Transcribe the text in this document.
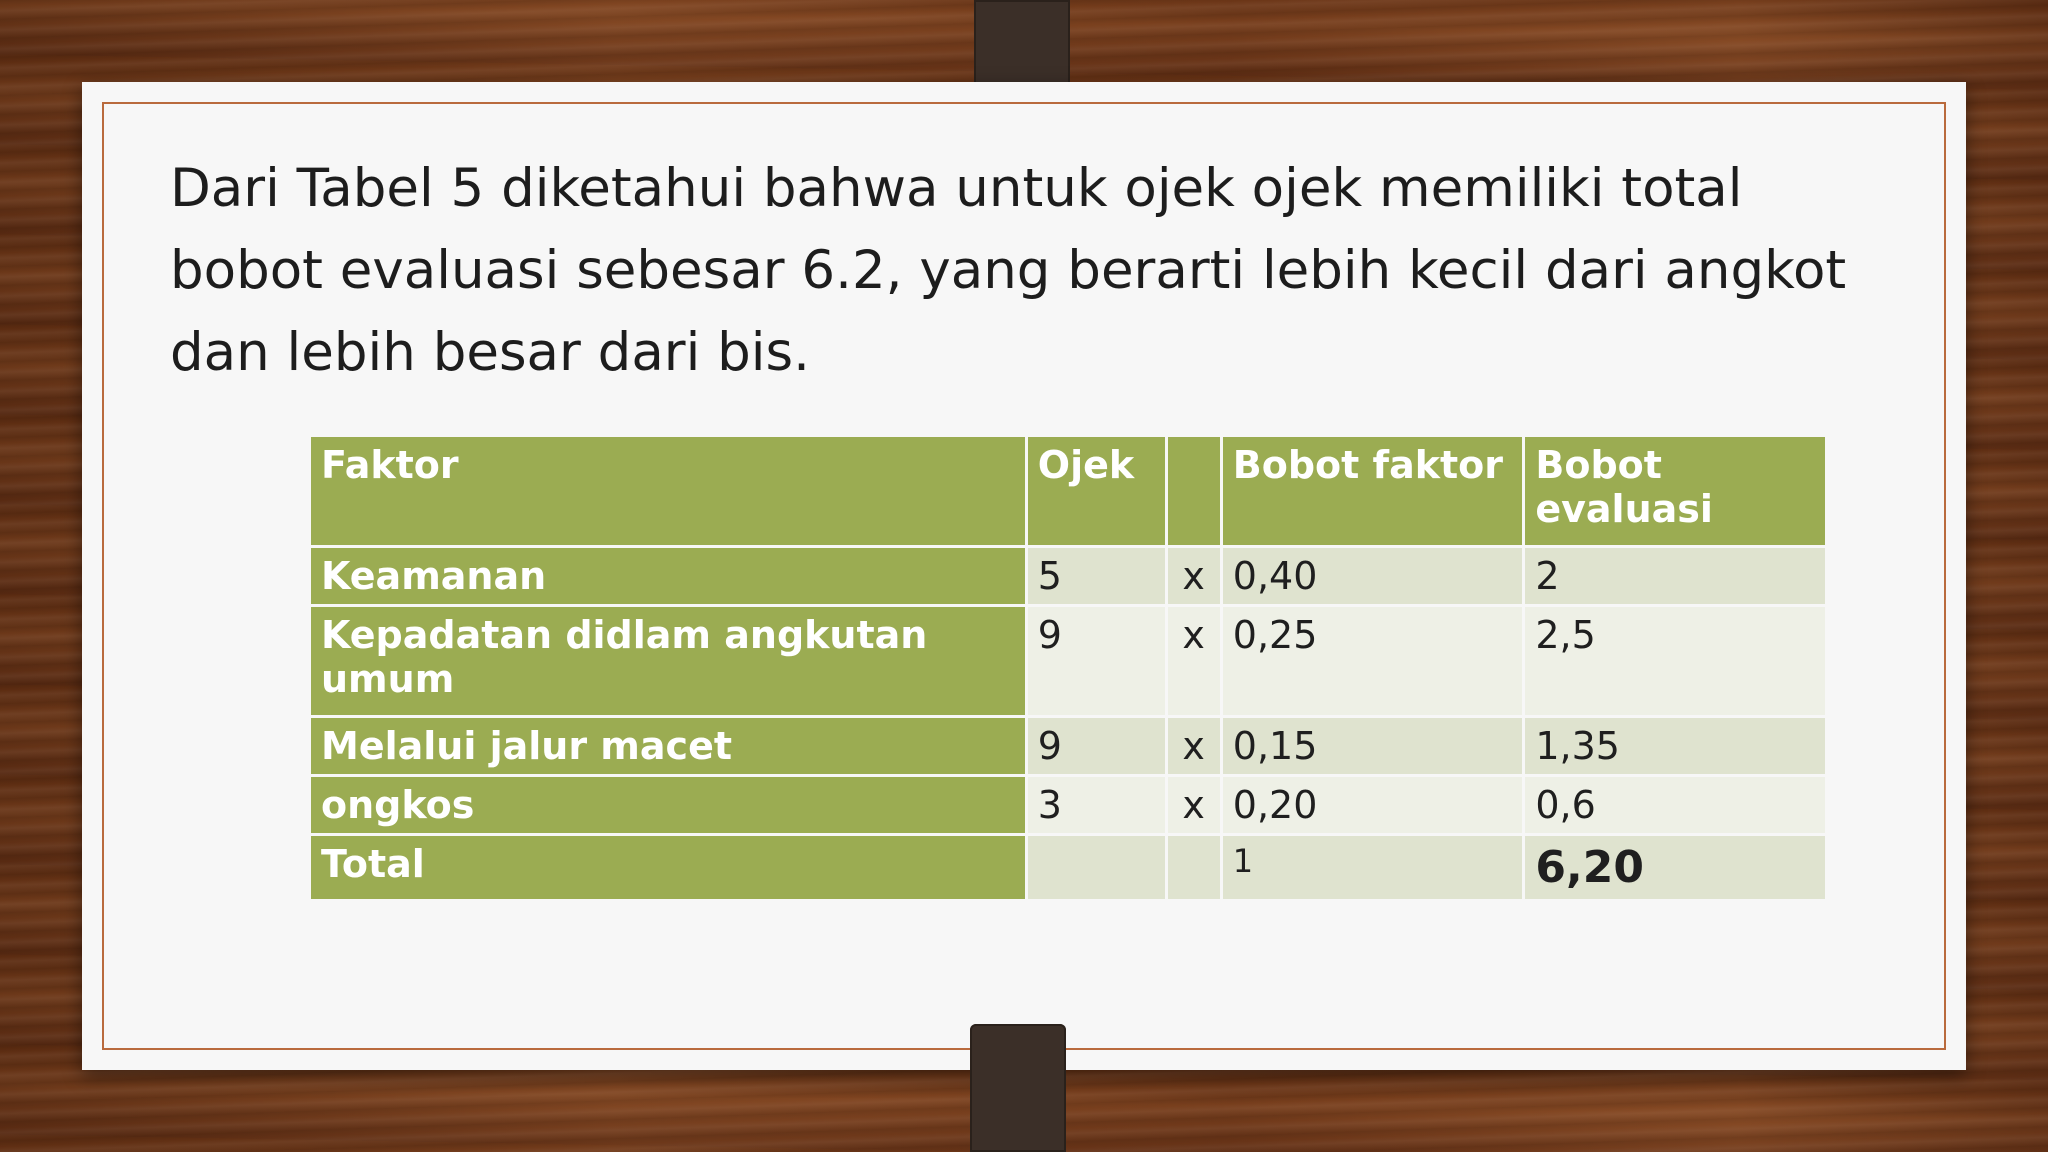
Dari Tabel 5 diketahui bahwa untuk ojek ojek memiliki total bobot evaluasi sebesar 6.2, yang berarti lebih kecil dari angkot dan lebih besar dari bis.
Faktor	Ojek		Bobot faktor	Bobot evaluasi
Keamanan	5	x	0,40	2
Kepadatan didlam angkutan umum	9	x	0,25	2,5
Melalui jalur macet	9	x	0,15	1,35
ongkos	3	x	0,20	0,6
Total			1	6,20
